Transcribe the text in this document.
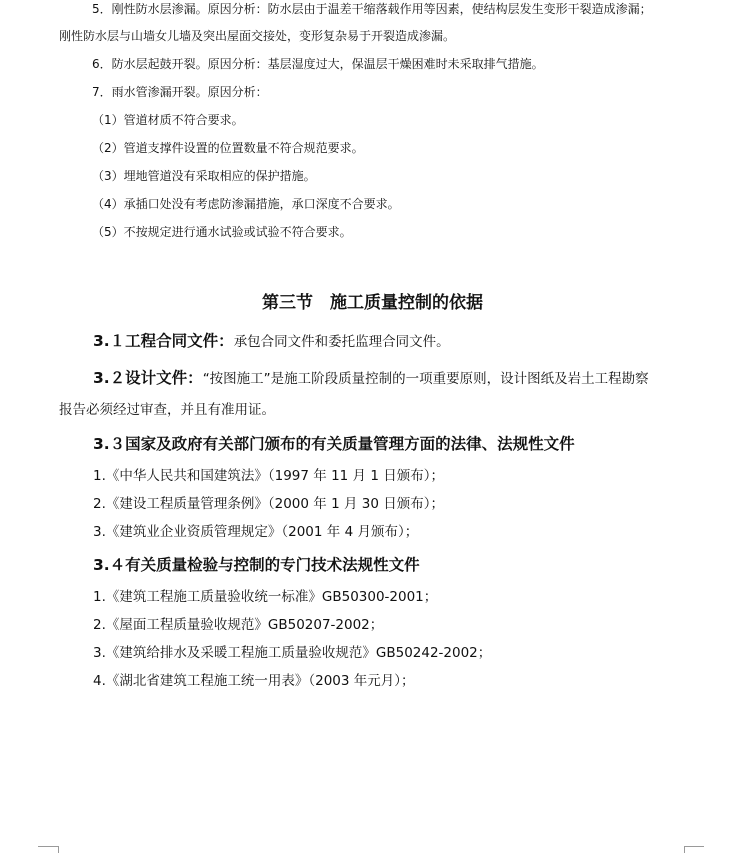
5．刚性防水层渗漏。原因分析：防水层由于温差干缩落载作用等因素，使结构层发生变形干裂造成渗漏；
刚性防水层与山墙女儿墙及突出屋面交接处，变形复杂易于开裂造成渗漏。
6．防水层起鼓开裂。原因分析：基层湿度过大，保温层干燥困难时未采取排气措施。
7．雨水管渗漏开裂。原因分析：
（1）管道材质不符合要求。
（2）管道支撑件设置的位置数量不符合规范要求。
（3）埋地管道没有采取相应的保护措施。
（4）承插口处没有考虑防渗漏措施，承口深度不合要求。
（5）不按规定进行通水试验或试验不符合要求。
第三节　施工质量控制的依据
3.１工程合同文件：承包合同文件和委托监理合同文件。
3.２设计文件：“按图施工”是施工阶段质量控制的一项重要原则，设计图纸及岩土工程勘察
报告必须经过审查，并且有准用证。
3.３国家及政府有关部门颁布的有关质量管理方面的法律、法规性文件
1.《中华人民共和国建筑法》（1997 年 11 月 1 日颁布）；
2.《建设工程质量管理条例》（2000 年 1 月 30 日颁布）；
3.《建筑业企业资质管理规定》（2001 年 4 月颁布）；
3.４有关质量检验与控制的专门技术法规性文件
1.《建筑工程施工质量验收统一标准》GB50300-2001；
2.《屋面工程质量验收规范》GB50207-2002；
3.《建筑给排水及采暖工程施工质量验收规范》GB50242-2002；
4.《湖北省建筑工程施工统一用表》（2003 年元月）；
